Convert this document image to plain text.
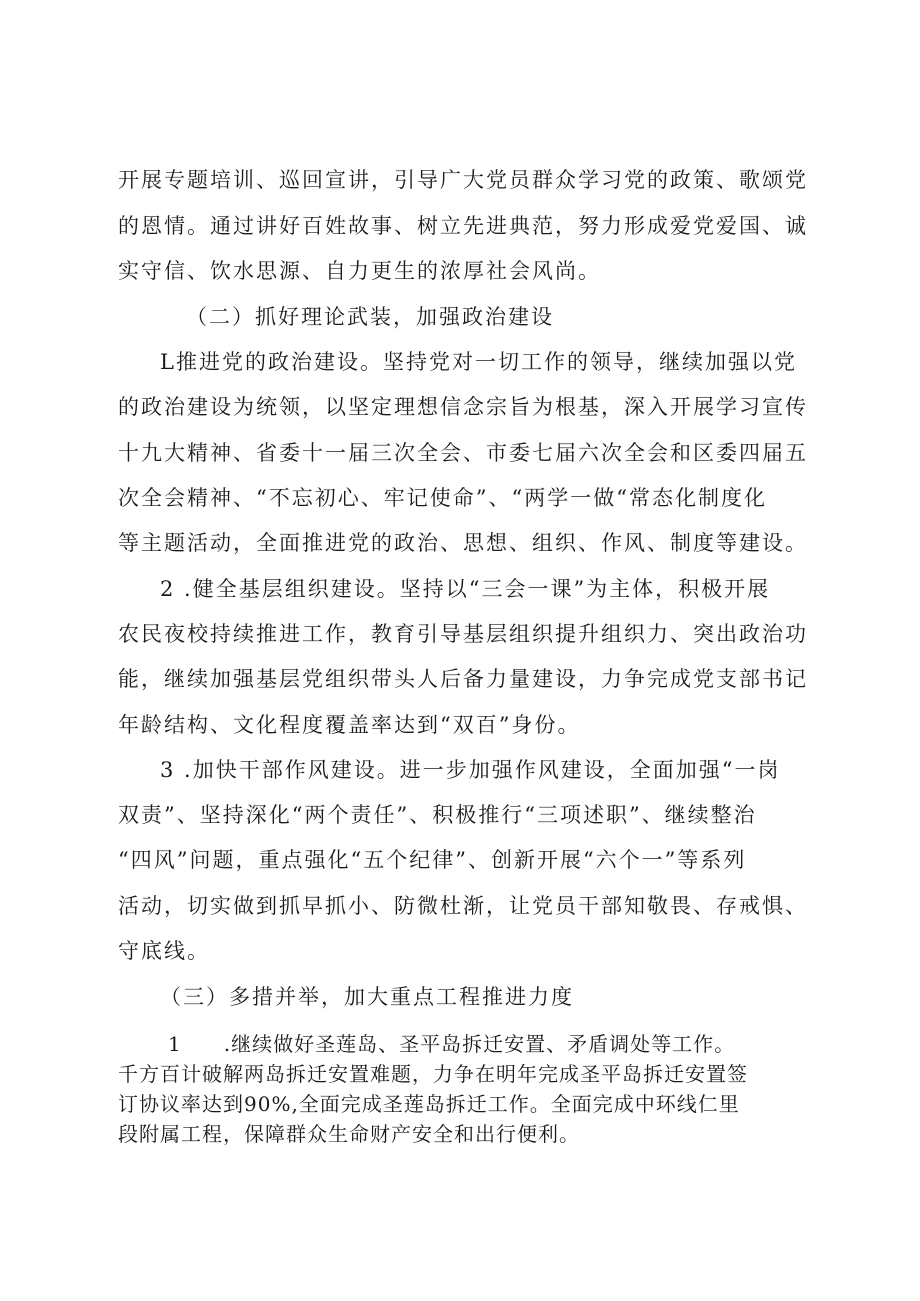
开展专题培训、巡回宣讲，引导广大党员群众学习党的政策、歌颂党
的恩情。通过讲好百姓故事、树立先进典范，努力形成爱党爱国、诚
实守信、饮水思源、自力更生的浓厚社会风尚。
（二）抓好理论武装，加强政治建设
L推进党的政治建设。坚持党对一切工作的领导，继续加强以党
的政治建设为统领，以坚定理想信念宗旨为根基，深入开展学习宣传
十九大精神、省委十一届三次全会、市委七届六次全会和区委四届五
次全会精神、“不忘初心、牢记使命”、“两学一做“常态化制度化
等主题活动，全面推进党的政治、思想、组织、作风、制度等建设。
2 .健全基层组织建设。坚持以“三会一课”为主体，积极开展
农民夜校持续推进工作，教育引导基层组织提升组织力、突出政治功
能，继续加强基层党组织带头人后备力量建设，力争完成党支部书记
年龄结构、文化程度覆盖率达到“双百”身份。
3 .加快干部作风建设。进一步加强作风建设，全面加强“一岗
双责”、坚持深化“两个责任”、积极推行“三项述职”、继续整治
“四风”问题，重点强化“五个纪律”、创新开展“六个一”等系列
活动，切实做到抓早抓小、防微杜渐，让党员干部知敬畏、存戒惧、
守底线。
（三）多措并举，加大重点工程推进力度
1　　.继续做好圣莲岛、圣平岛拆迁安置、矛盾调处等工作。
千方百计破解两岛拆迁安置难题，力争在明年完成圣平岛拆迁安置签
订协议率达到90%,全面完成圣莲岛拆迁工作。全面完成中环线仁里
段附属工程，保障群众生命财产安全和出行便利。
